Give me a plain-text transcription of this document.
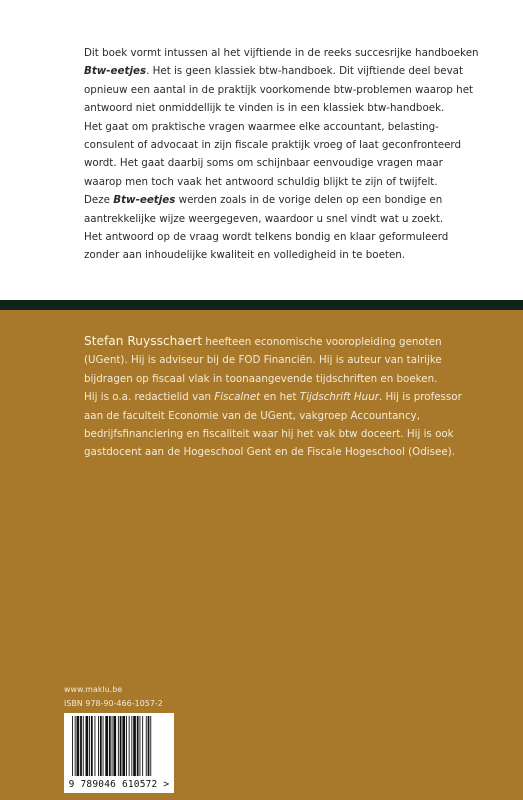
Dit boek vormt intussen al het vijftiende in de reeks succesrijke handboeken Btw-eetjes. Het is geen klassiek btw-handboek. Dit vijftiende deel bevat opnieuw een aantal in de praktijk voorkomende btw-problemen waarop het antwoord niet onmiddellijk te vinden is in een klassiek btw-handboek.

Het gaat om praktische vragen waarmee elke accountant, belasting-consulent of advocaat in zijn fiscale praktijk vroeg of laat geconfronteerd wordt. Het gaat daarbij soms om schijnbaar eenvoudige vragen maar waarop men toch vaak het antwoord schuldig blijkt te zijn of twijfelt.

Deze Btw-eetjes werden zoals in de vorige delen op een bondige en aantrekkelijke wijze weergegeven, waardoor u snel vindt wat u zoekt.

Het antwoord op de vraag wordt telkens bondig en klaar geformuleerd zonder aan inhoudelijke kwaliteit en volledigheid in te boeten.

Stefan Ruysschaert heefteen economische vooropleiding genoten (UGent). Hij is adviseur bij de FOD Financiën. Hij is auteur van talrijke bijdragen op fiscaal vlak in toonaangevende tijdschriften en boeken.

Hij is o.a. redactielid van Fiscalnet en het Tijdschrift Huur. Hij is professor aan de faculteit Economie van de UGent, vakgroep Accountancy, bedrijfsfinanciering en fiscaliteit waar hij het vak btw doceert. Hij is ook gastdocent aan de Hogeschool Gent en de Fiscale Hogeschool (Odisee).

www.maklu.be
ISBN 978-90-466-1057-2
9 789046 610572 >
